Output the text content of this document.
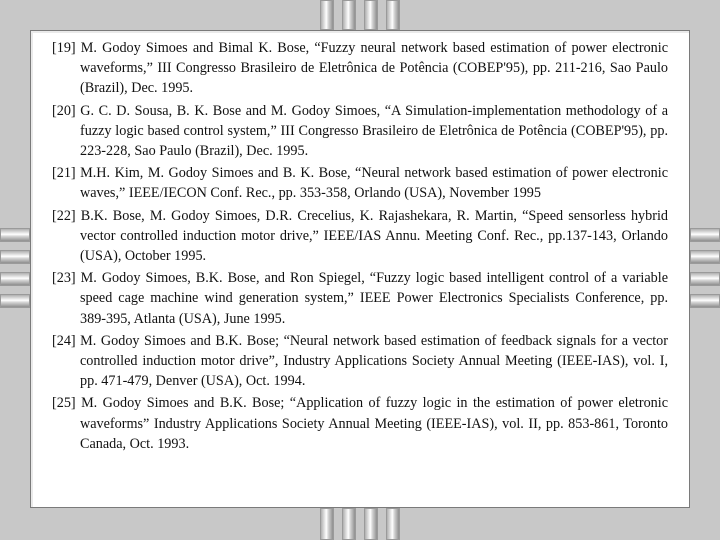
[19] M. Godoy Simoes and Bimal K. Bose, “Fuzzy neural network based estimation of power electronic waveforms,” III Congresso Brasileiro de Eletrônica de Potência (COBEP'95), pp. 211-216, Sao Paulo (Brazil), Dec. 1995.
[20] G. C. D. Sousa, B. K. Bose and M. Godoy Simoes, “A Simulation-implementation methodology of a fuzzy logic based control system,” III Congresso Brasileiro de Eletrônica de Potência (COBEP'95), pp. 223-228, Sao Paulo (Brazil), Dec. 1995.
[21] M.H. Kim, M. Godoy Simoes and B. K. Bose, “Neural network based estimation of power electronic waves,” IEEE/IECON Conf. Rec., pp. 353-358, Orlando (USA), November 1995
[22] B.K. Bose, M. Godoy Simoes, D.R. Crecelius, K. Rajashekara, R. Martin, “Speed sensorless hybrid vector controlled induction motor drive,” IEEE/IAS Annu. Meeting Conf. Rec., pp.137-143, Orlando (USA), October 1995.
[23] M. Godoy Simoes, B.K. Bose, and Ron Spiegel, “Fuzzy logic based intelligent control of a variable speed cage machine wind generation system,” IEEE Power Electronics Specialists Conference, pp. 389-395, Atlanta (USA), June 1995.
[24] M. Godoy Simoes and B.K. Bose; “Neural network based estimation of feedback signals for a vector controlled induction motor drive”, Industry Applications Society Annual Meeting (IEEE-IAS), vol. I, pp. 471-479, Denver (USA), Oct. 1994.
[25] M. Godoy Simoes and B.K. Bose; “Application of fuzzy logic in the estimation of power eletronic waveforms” Industry Applications Society Annual Meeting (IEEE-IAS), vol. II, pp. 853-861, Toronto Canada, Oct. 1993.
